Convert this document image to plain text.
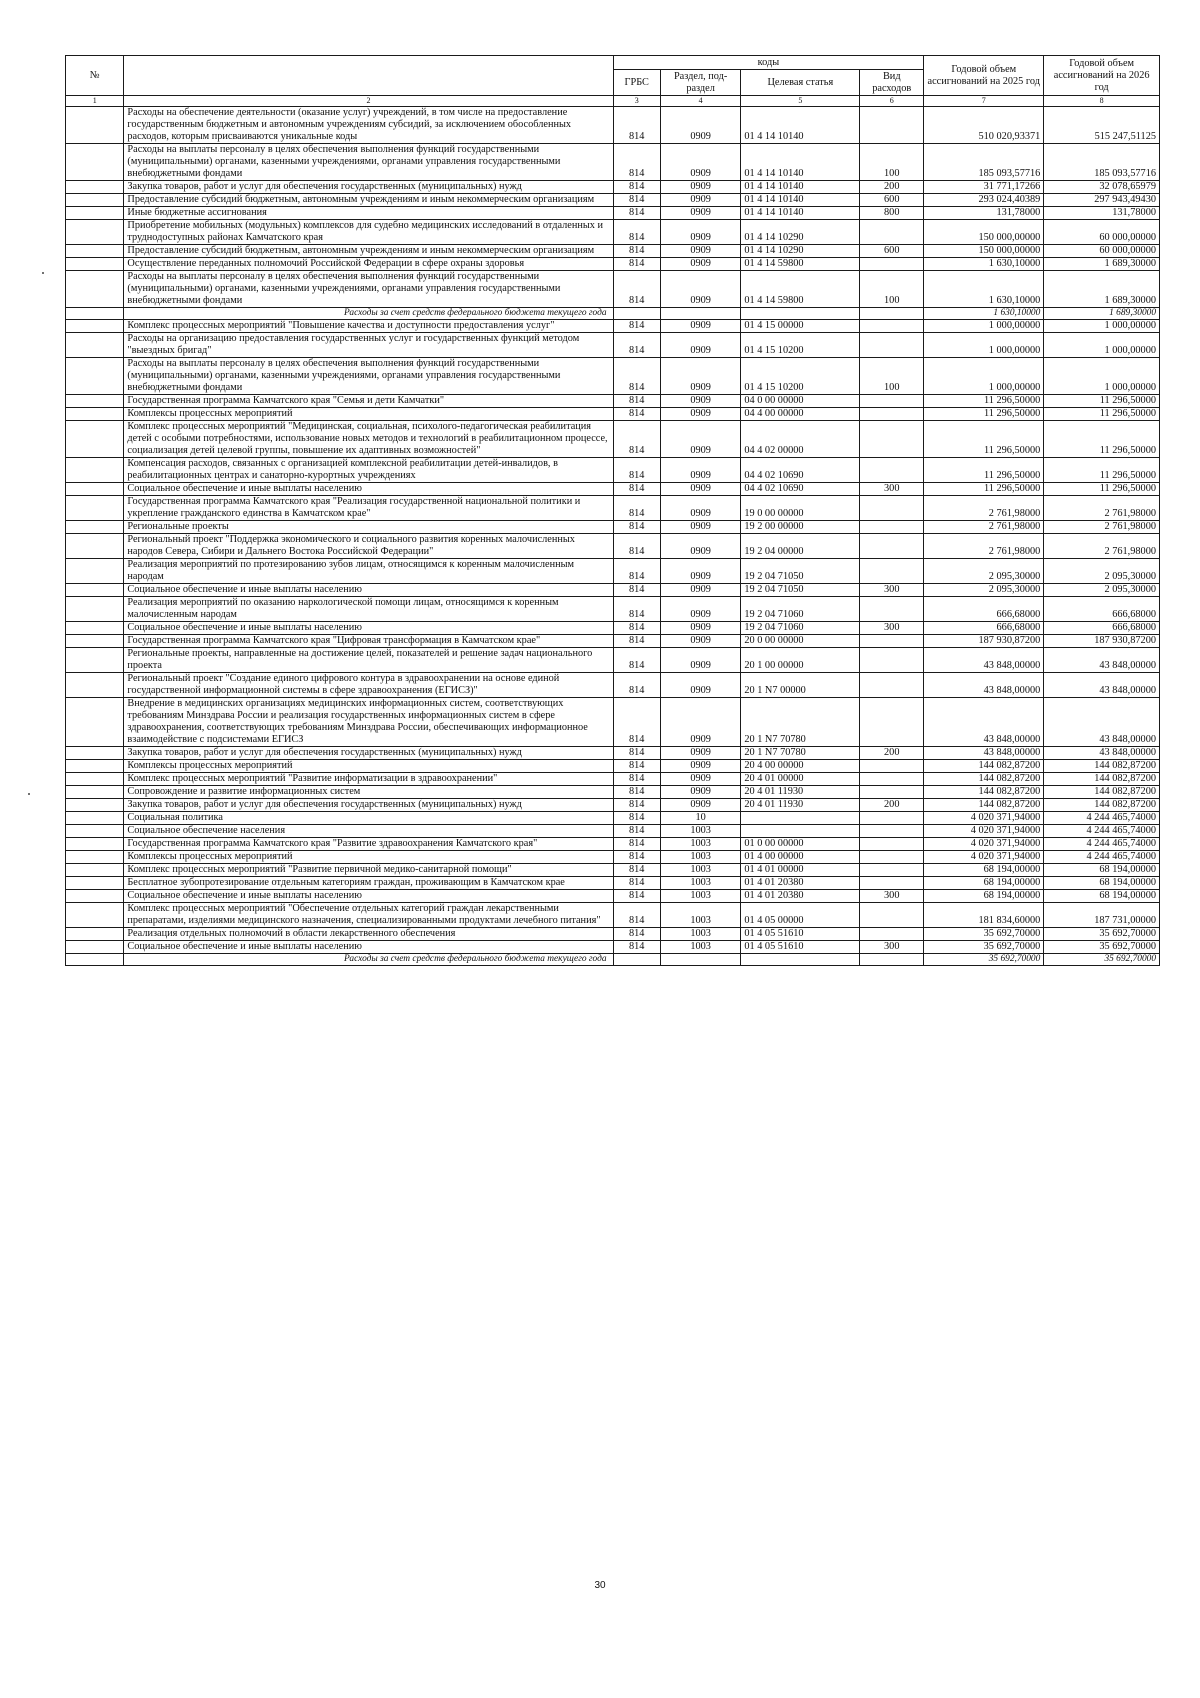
№		коды				Годовой объем ассигнований на 2025 год	Годовой объем ассигнований на 2026 год
		ГРБС	Раздел, под-раздел	Целевая статья	Вид расходов		
1	2	3	4	5	6	7	8
	Расходы на обеспечение деятельности (оказание услуг) учреждений, в том числе на предоставление государственным бюджетным и автономным учреждениям субсидий, за исключением обособленных расходов, которым присваиваются уникальные коды	814	0909	01 4 14 10140		510 020,93371	515 247,51125
	Расходы на выплаты персоналу в целях обеспечения выполнения функций государственными (муниципальными) органами, казенными учреждениями, органами управления государственными внебюджетными фондами	814	0909	01 4 14 10140	100	185 093,57716	185 093,57716
	Закупка товаров, работ и услуг для обеспечения государственных (муниципальных) нужд	814	0909	01 4 14 10140	200	31 771,17266	32 078,65979
	Предоставление субсидий бюджетным, автономным учреждениям и иным некоммерческим организациям	814	0909	01 4 14 10140	600	293 024,40389	297 943,49430
	Иные бюджетные ассигнования	814	0909	01 4 14 10140	800	131,78000	131,78000
	Приобретение мобильных (модульных) комплексов для судебно медицинских исследований в отдаленных и труднодоступных районах Камчатского края	814	0909	01 4 14 10290		150 000,00000	60 000,00000
	Предоставление субсидий бюджетным, автономным учреждениям и иным некоммерческим организациям	814	0909	01 4 14 10290	600	150 000,00000	60 000,00000
	Осуществление переданных полномочий Российской Федерации в сфере охраны здоровья	814	0909	01 4 14 59800		1 630,10000	1 689,30000
	Расходы на выплаты персоналу в целях обеспечения выполнения функций государственными (муниципальными) органами, казенными учреждениями, органами управления государственными внебюджетными фондами	814	0909	01 4 14 59800	100	1 630,10000	1 689,30000
	Расходы за счет средств федерального бюджета текущего года					1 630,10000	1 689,30000
	Комплекс процессных мероприятий "Повышение качества и доступности предоставления услуг"	814	0909	01 4 15 00000		1 000,00000	1 000,00000
	Расходы на организацию предоставления государственных услуг и государственных функций методом "выездных бригад"	814	0909	01 4 15 10200		1 000,00000	1 000,00000
	Расходы на выплаты персоналу в целях обеспечения выполнения функций государственными (муниципальными) органами, казенными учреждениями, органами управления государственными внебюджетными фондами	814	0909	01 4 15 10200	100	1 000,00000	1 000,00000
	Государственная программа Камчатского края "Семья и дети Камчатки"	814	0909	04 0 00 00000		11 296,50000	11 296,50000
	Комплексы процессных мероприятий	814	0909	04 4 00 00000		11 296,50000	11 296,50000
	Комплекс процессных мероприятий "Медицинская, социальная, психолого-педагогическая реабилитация детей с особыми потребностями, использование новых методов и технологий в реабилитационном процессе, социализация детей целевой группы, повышение их адаптивных возможностей"	814	0909	04 4 02 00000		11 296,50000	11 296,50000
	Компенсация расходов, связанных с организацией комплексной реабилитации детей-инвалидов, в реабилитационных центрах и санаторно-курортных учреждениях	814	0909	04 4 02 10690		11 296,50000	11 296,50000
	Социальное обеспечение и иные выплаты населению	814	0909	04 4 02 10690	300	11 296,50000	11 296,50000
	Государственная программа Камчатского края "Реализация государственной национальной политики и укрепление гражданского единства в Камчатском крае"	814	0909	19 0 00 00000		2 761,98000	2 761,98000
	Региональные проекты	814	0909	19 2 00 00000		2 761,98000	2 761,98000
	Региональный проект "Поддержка экономического и социального развития коренных малочисленных народов Севера, Сибири и Дальнего Востока Российской Федерации"	814	0909	19 2 04 00000		2 761,98000	2 761,98000
	Реализация мероприятий по протезированию зубов лицам, относящимся к коренным малочисленным народам	814	0909	19 2 04 71050		2 095,30000	2 095,30000
	Социальное обеспечение и иные выплаты населению	814	0909	19 2 04 71050	300	2 095,30000	2 095,30000
	Реализация мероприятий по оказанию наркологической помощи лицам, относящимся к коренным малочисленным народам	814	0909	19 2 04 71060		666,68000	666,68000
	Социальное обеспечение и иные выплаты населению	814	0909	19 2 04 71060	300	666,68000	666,68000
	Государственная программа Камчатского края "Цифровая трансформация в Камчатском крае"	814	0909	20 0 00 00000		187 930,87200	187 930,87200
	Региональные проекты, направленные на достижение целей, показателей и решение задач национального проекта	814	0909	20 1 00 00000		43 848,00000	43 848,00000
	Региональный проект "Создание единого цифрового контура в здравоохранении на основе единой государственной информационной системы в сфере здравоохранения (ЕГИСЗ)"	814	0909	20 1 N7 00000		43 848,00000	43 848,00000
	Внедрение в медицинских организациях медицинских информационных систем, соответствующих требованиям Минздрава России и реализация государственных информационных систем в сфере здравоохранения, соответствующих требованиям Минздрава России, обеспечивающих информационное взаимодействие с подсистемами ЕГИСЗ	814	0909	20 1 N7 70780		43 848,00000	43 848,00000
	Закупка товаров, работ и услуг для обеспечения государственных (муниципальных) нужд	814	0909	20 1 N7 70780	200	43 848,00000	43 848,00000
	Комплексы процессных мероприятий	814	0909	20 4 00 00000		144 082,87200	144 082,87200
	Комплекс процессных мероприятий "Развитие информатизации в здравоохранении"	814	0909	20 4 01 00000		144 082,87200	144 082,87200
	Сопровождение и развитие информационных систем	814	0909	20 4 01 11930		144 082,87200	144 082,87200
	Закупка товаров, работ и услуг для обеспечения государственных (муниципальных) нужд	814	0909	20 4 01 11930	200	144 082,87200	144 082,87200
	Социальная политика	814	10			4 020 371,94000	4 244 465,74000
	Социальное обеспечение населения	814	1003			4 020 371,94000	4 244 465,74000
	Государственная программа Камчатского края "Развитие здравоохранения Камчатского края"	814	1003	01 0 00 00000		4 020 371,94000	4 244 465,74000
	Комплексы процессных мероприятий	814	1003	01 4 00 00000		4 020 371,94000	4 244 465,74000
	Комплекс процессных мероприятий "Развитие первичной медико-санитарной помощи"	814	1003	01 4 01 00000		68 194,00000	68 194,00000
	Бесплатное зубопротезирование отдельным категориям граждан, проживающим в Камчатском крае	814	1003	01 4 01 20380		68 194,00000	68 194,00000
	Социальное обеспечение и иные выплаты населению	814	1003	01 4 01 20380	300	68 194,00000	68 194,00000
	Комплекс процессных мероприятий "Обеспечение отдельных категорий граждан лекарственными препаратами, изделиями медицинского назначения, специализированными продуктами лечебного питания"	814	1003	01 4 05 00000		181 834,60000	187 731,00000
	Реализация отдельных полномочий в области лекарственного обеспечения	814	1003	01 4 05 51610		35 692,70000	35 692,70000
	Социальное обеспечение и иные выплаты населению	814	1003	01 4 05 51610	300	35 692,70000	35 692,70000
	Расходы за счет средств федерального бюджета текущего года					35 692,70000	35 692,70000
30
